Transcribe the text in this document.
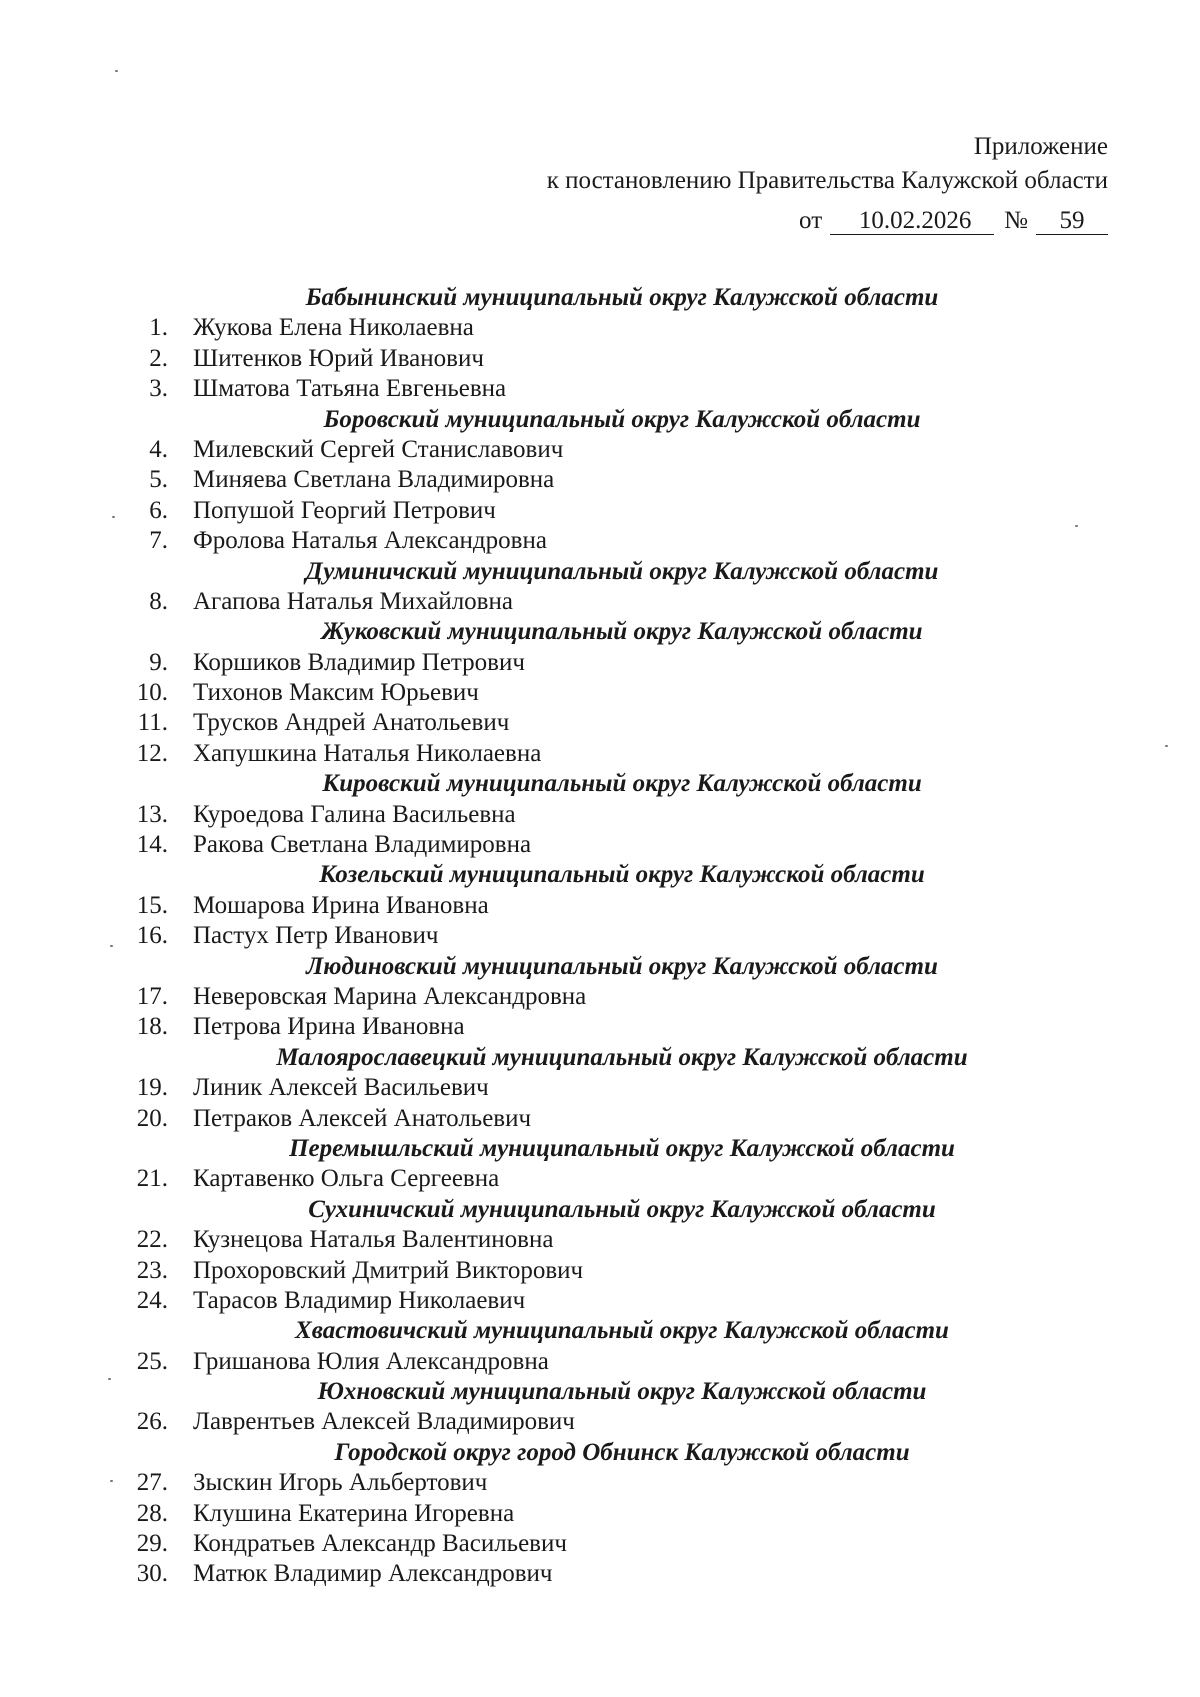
Приложение
к постановлению Правительства Калужской области
от 10.02.2026 № 59
Бабынинский муниципальный округ Калужской области
1. Жукова Елена Николаевна
2. Шитенков Юрий Иванович
3. Шматова Татьяна Евгеньевна
Боровский муниципальный округ Калужской области
4. Милевский Сергей Станиславович
5. Миняева Светлана Владимировна
6. Попушой Георгий Петрович
7. Фролова Наталья Александровна
Думиничский муниципальный округ Калужской области
8. Агапова Наталья Михайловна
Жуковский муниципальный округ Калужской области
9. Коршиков Владимир Петрович
10. Тихонов Максим Юрьевич
11. Трусков Андрей Анатольевич
12. Хапушкина Наталья Николаевна
Кировский муниципальный округ Калужской области
13. Куроедова Галина Васильевна
14. Ракова Светлана Владимировна
Козельский муниципальный округ Калужской области
15. Мошарова Ирина Ивановна
16. Пастух Петр Иванович
Людиновский муниципальный округ Калужской области
17. Неверовская Марина Александровна
18. Петрова Ирина Ивановна
Малоярославецкий муниципальный округ Калужской области
19. Линик Алексей Васильевич
20. Петраков Алексей Анатольевич
Перемышльский муниципальный округ Калужской области
21. Картавенко Ольга Сергеевна
Сухиничский муниципальный округ Калужской области
22. Кузнецова Наталья Валентиновна
23. Прохоровский Дмитрий Викторович
24. Тарасов Владимир Николаевич
Хвастовичский муниципальный округ Калужской области
25. Гришанова Юлия Александровна
Юхновский муниципальный округ Калужской области
26. Лаврентьев Алексей Владимирович
Городской округ город Обнинск Калужской области
27. Зыскин Игорь Альбертович
28. Клушина Екатерина Игоревна
29. Кондратьев Александр Васильевич
30. Матюк Владимир Александрович
